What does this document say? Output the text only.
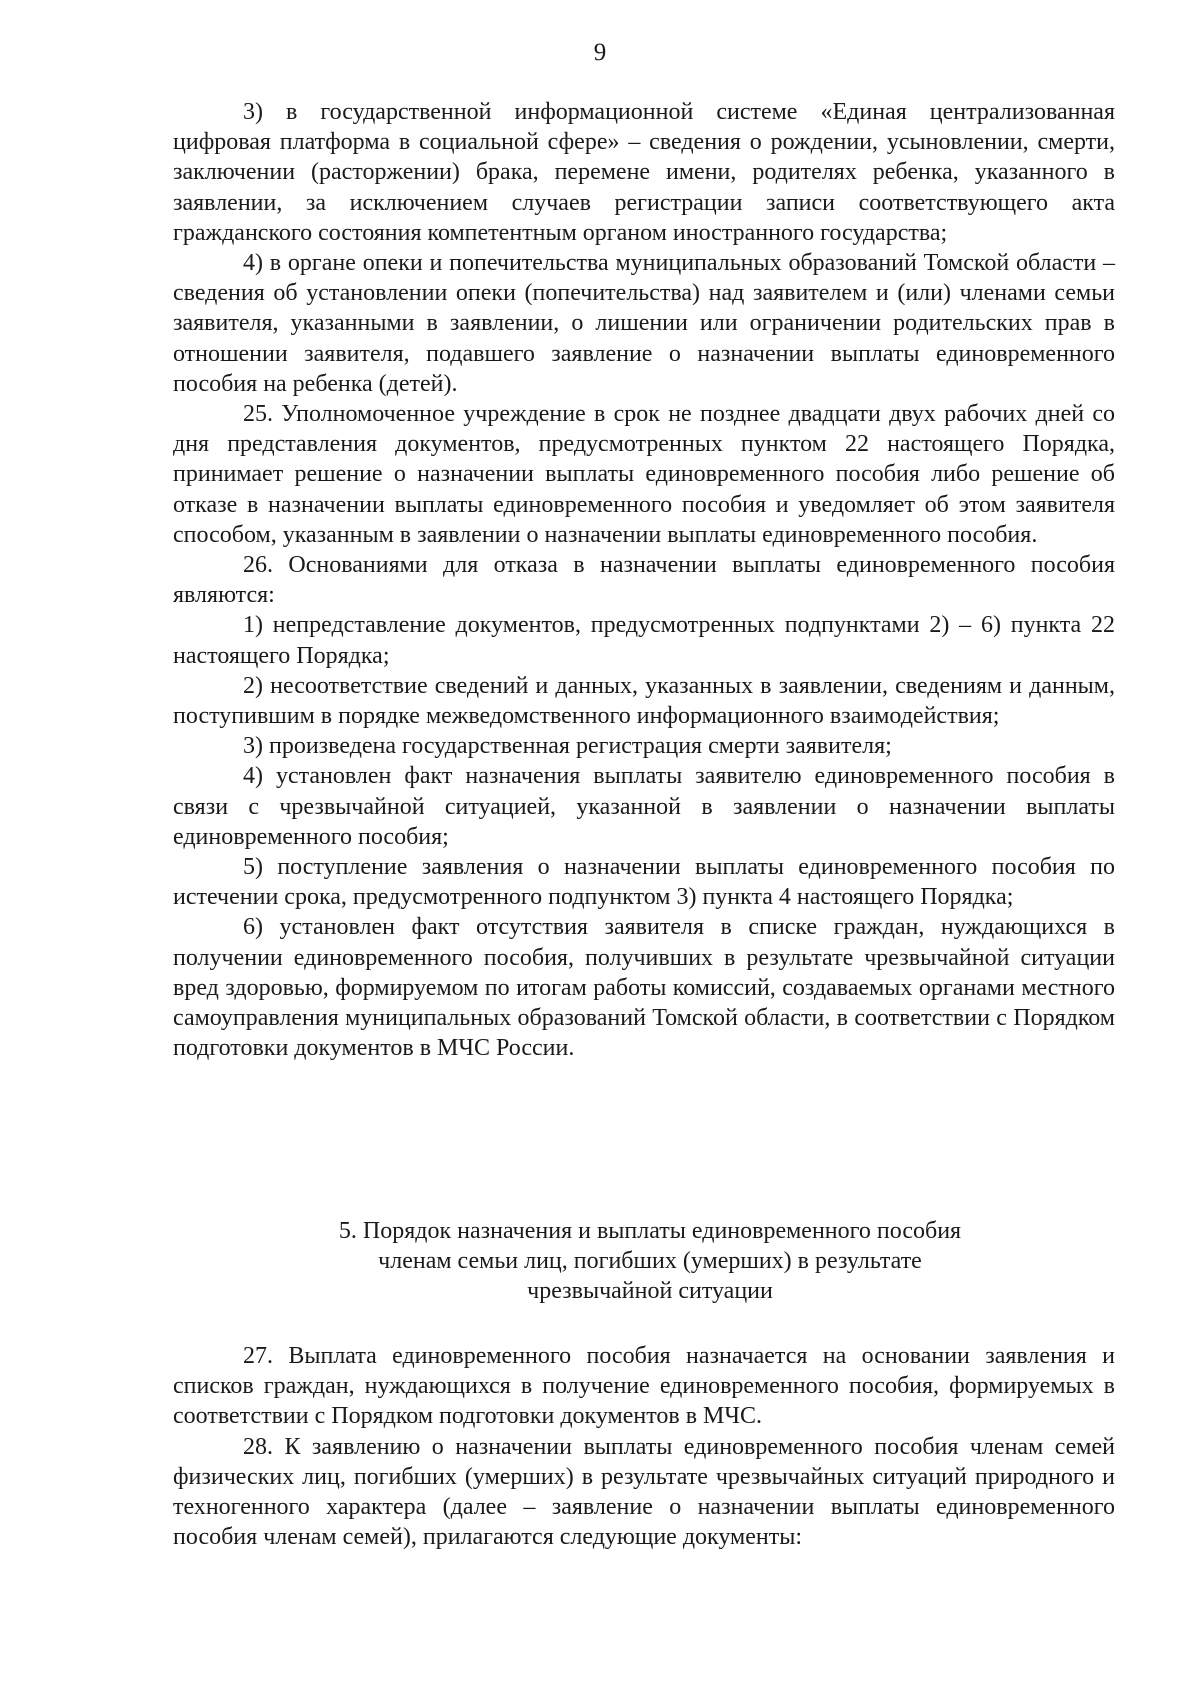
9

3) в государственной информационной системе «Единая централизованная цифровая платформа в социальной сфере» – сведения о рождении, усыновлении, смерти, заключении (расторжении) брака, перемене имени, родителях ребенка, указанного в заявлении, за исключением случаев регистрации записи соответствующего акта гражданского состояния компетентным органом иностранного государства;

4) в органе опеки и попечительства муниципальных образований Томской области – сведения об установлении опеки (попечительства) над заявителем и (или) членами семьи заявителя, указанными в заявлении, о лишении или ограничении родительских прав в отношении заявителя, подавшего заявление о назначении выплаты единовременного пособия на ребенка (детей).

25. Уполномоченное учреждение в срок не позднее двадцати двух рабочих дней со дня представления документов, предусмотренных пунктом 22 настоящего Порядка, принимает решение о назначении выплаты единовременного пособия либо решение об отказе в назначении выплаты единовременного пособия и уведомляет об этом заявителя способом, указанным в заявлении о назначении выплаты единовременного пособия.

26. Основаниями для отказа в назначении выплаты единовременного пособия являются:

1) непредставление документов, предусмотренных подпунктами 2) – 6) пункта 22 настоящего Порядка;

2) несоответствие сведений и данных, указанных в заявлении, сведениям и данным, поступившим в порядке межведомственного информационного взаимодействия;

3) произведена государственная регистрация смерти заявителя;

4) установлен факт назначения выплаты заявителю единовременного пособия в связи с чрезвычайной ситуацией, указанной в заявлении о назначении выплаты единовременного пособия;

5) поступление заявления о назначении выплаты единовременного пособия по истечении срока, предусмотренного подпунктом 3) пункта 4 настоящего Порядка;

6) установлен факт отсутствия заявителя в списке граждан, нуждающихся в получении единовременного пособия, получивших в результате чрезвычайной ситуации вред здоровью, формируемом по итогам работы комиссий, создаваемых органами местного самоуправления муниципальных образований Томской области, в соответствии с Порядком подготовки документов в МЧС России.

5. Порядок назначения и выплаты единовременного пособия
членам семьи лиц, погибших (умерших) в результате
чрезвычайной ситуации

27. Выплата единовременного пособия назначается на основании заявления и списков граждан, нуждающихся в получение единовременного пособия, формируемых в соответствии с Порядком подготовки документов в МЧС.

28. К заявлению о назначении выплаты единовременного пособия членам семей физических лиц, погибших (умерших) в результате чрезвычайных ситуаций природного и техногенного характера (далее – заявление о назначении выплаты единовременного пособия членам семей), прилагаются следующие документы:
